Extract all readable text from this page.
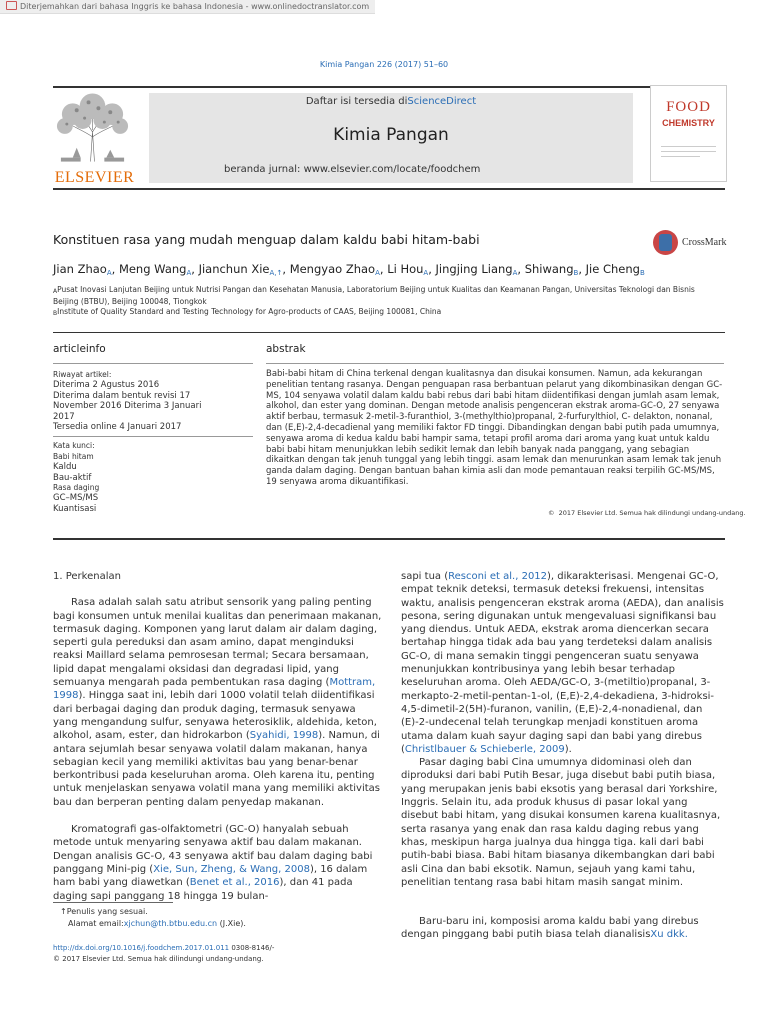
Diterjemahkan dari bahasa Inggris ke bahasa Indonesia - www.onlinedoctranslator.com
Kimia Pangan 226 (2017) 51–60
ELSEVIER
Daftar isi tersedia diScienceDirect
Kimia Pangan
beranda jurnal: www.elsevier.com/locate/foodchem
FOOD
CHEMISTRY
Konstituen rasa yang mudah menguap dalam kaldu babi hitam-babi	CrossMark
Jian Zhao$_A$, Meng Wang$_A$, Jianchun Xie$_{A,↑}$, Mengyao Zhao$_A$, Li Hou$_A$, Jingjing Liang$_A$, Shiwang$_B$, Jie Cheng$_B$
$_A$Pusat Inovasi Lanjutan Beijing untuk Nutrisi Pangan dan Kesehatan Manusia, Laboratorium Beijing untuk Kualitas dan Keamanan Pangan, Universitas Teknologi dan Bisnis Beijing (BTBU), Beijing 100048, Tiongkok
$_B$Institute of Quality Standard and Testing Technology for Agro-products of CAAS, Beijing 100081, China
articleinfo
Riwayat artikel:
Diterima 2 Agustus 2016
Diterima dalam bentuk revisi 17 November 2016 Diterima 3 Januari 2017
Tersedia online 4 Januari 2017
Kata kunci:
Babi hitam
Kaldu
Bau-aktif
Rasa daging
GC–MS/MS
Kuantisasi
abstrak
Babi-babi hitam di China terkenal dengan kualitasnya dan disukai konsumen. Namun, ada kekurangan penelitian tentang rasanya. Dengan penguapan rasa berbantuan pelarut yang dikombinasikan dengan GC-MS, 104 senyawa volatil dalam kaldu babi rebus dari babi hitam diidentifikasi dengan jumlah asam lemak, alkohol, dan ester yang dominan. Dengan metode analisis pengenceran ekstrak aroma-GC-O, 27 senyawa aktif berbau, termasuk 2-metil-3-furanthiol, 3-(methylthio)propanal, 2-furfurylthiol, C- delakton, nonanal, dan (E,E)-2,4-decadienal yang memiliki faktor FD tinggi. Dibandingkan dengan babi putih pada umumnya, senyawa aroma di kedua kaldu babi hampir sama, tetapi profil aroma dari aroma yang kuat untuk kaldu babi babi hitam menunjukkan lebih sedikit lemak dan lebih banyak nada panggang, yang sebagian dikaitkan dengan tak jenuh tunggal yang lebih tinggi. asam lemak dan menurunkan asam lemak tak jenuh ganda dalam daging. Dengan bantuan bahan kimia asli dan mode pemantauan reaksi terpilih GC-MS/MS, 19 senyawa aroma dikuantifikasi.
©  2017 Elsevier Ltd. Semua hak dilindungi undang-undang.

1. Perkenalan

Rasa adalah salah satu atribut sensorik yang paling penting bagi konsumen untuk menilai kualitas dan penerimaan makanan, termasuk daging. Komponen yang larut dalam air dalam daging, seperti gula pereduksi dan asam amino, dapat menginduksi reaksi Maillard selama pemrosesan termal; Secara bersamaan, lipid dapat mengalami oksidasi dan degradasi lipid, yang semuanya mengarah pada pembentukan rasa daging (Mottram, 1998). Hingga saat ini, lebih dari 1000 volatil telah diidentifikasi dari berbagai daging dan produk daging, termasuk senyawa yang mengandung sulfur, senyawa heterosiklik, aldehida, keton, alkohol, asam, ester, dan hidrokarbon (Syahidi, 1998). Namun, di antara sejumlah besar senyawa volatil dalam makanan, hanya sebagian kecil yang memiliki aktivitas bau yang benar-benar berkontribusi pada keseluruhan aroma. Oleh karena itu, penting untuk menjelaskan senyawa volatil mana yang memiliki aktivitas bau dan berperan penting dalam penyedap makanan.

Kromatografi gas-olfaktometri (GC-O) hanyalah sebuah metode untuk menyaring senyawa aktif bau dalam makanan. Dengan analisis GC-O, 43 senyawa aktif bau dalam daging babi panggang Mini-pig (Xie, Sun, Zheng, & Wang, 2008), 16 dalam ham babi yang diawetkan (Benet et al., 2016), dan 41 pada daging sapi panggang 18 hingga 19 bulan-

sapi tua (Resconi et al., 2012), dikarakterisasi. Mengenai GC-O, empat teknik deteksi, termasuk deteksi frekuensi, intensitas waktu, analisis pengenceran ekstrak aroma (AEDA), dan analisis pesona, sering digunakan untuk mengevaluasi signifikansi bau yang diendus. Untuk AEDA, ekstrak aroma diencerkan secara bertahap hingga tidak ada bau yang terdeteksi dalam analisis GC-O, di mana semakin tinggi pengenceran suatu senyawa menunjukkan kontribusinya yang lebih besar terhadap keseluruhan aroma. Oleh AEDA/GC-O, 3-(metiltio)propanal, 3-merkapto-2-metil-pentan-1-ol, (E,E)-2,4-dekadiena, 3-hidroksi-4,5-dimetil-2(5H)-furanon, vanilin, (E,E)-2,4-nonadienal, dan (E)-2-undecenal telah terungkap menjadi konstituen aroma utama dalam kuah sayur daging sapi dan babi yang direbus (Christlbauer & Schieberle, 2009).

Pasar daging babi Cina umumnya didominasi oleh dan diproduksi dari babi Putih Besar, juga disebut babi putih biasa, yang merupakan jenis babi eksotis yang berasal dari Yorkshire, Inggris. Selain itu, ada produk khusus di pasar lokal yang disebut babi hitam, yang disukai konsumen karena kualitasnya, serta rasanya yang enak dan rasa kaldu daging rebus yang khas, meskipun harga jualnya dua hingga tiga. kali dari babi putih-babi biasa. Babi hitam biasanya dikembangkan dari babi asli Cina dan babi eksotik. Namun, sejauh yang kami tahu, penelitian tentang rasa babi hitam masih sangat minim.

Baru-baru ini, komposisi aroma kaldu babi yang direbus dengan pinggang babi putih biasa telah dianalisisXu dkk.

↑Penulis yang sesuai.
Alamat email:xjchun@th.btbu.edu.cn (J.Xie).
http://dx.doi.org/10.1016/j.foodchem.2017.01.011 0308-8146/-
© 2017 Elsevier Ltd. Semua hak dilindungi undang-undang.
